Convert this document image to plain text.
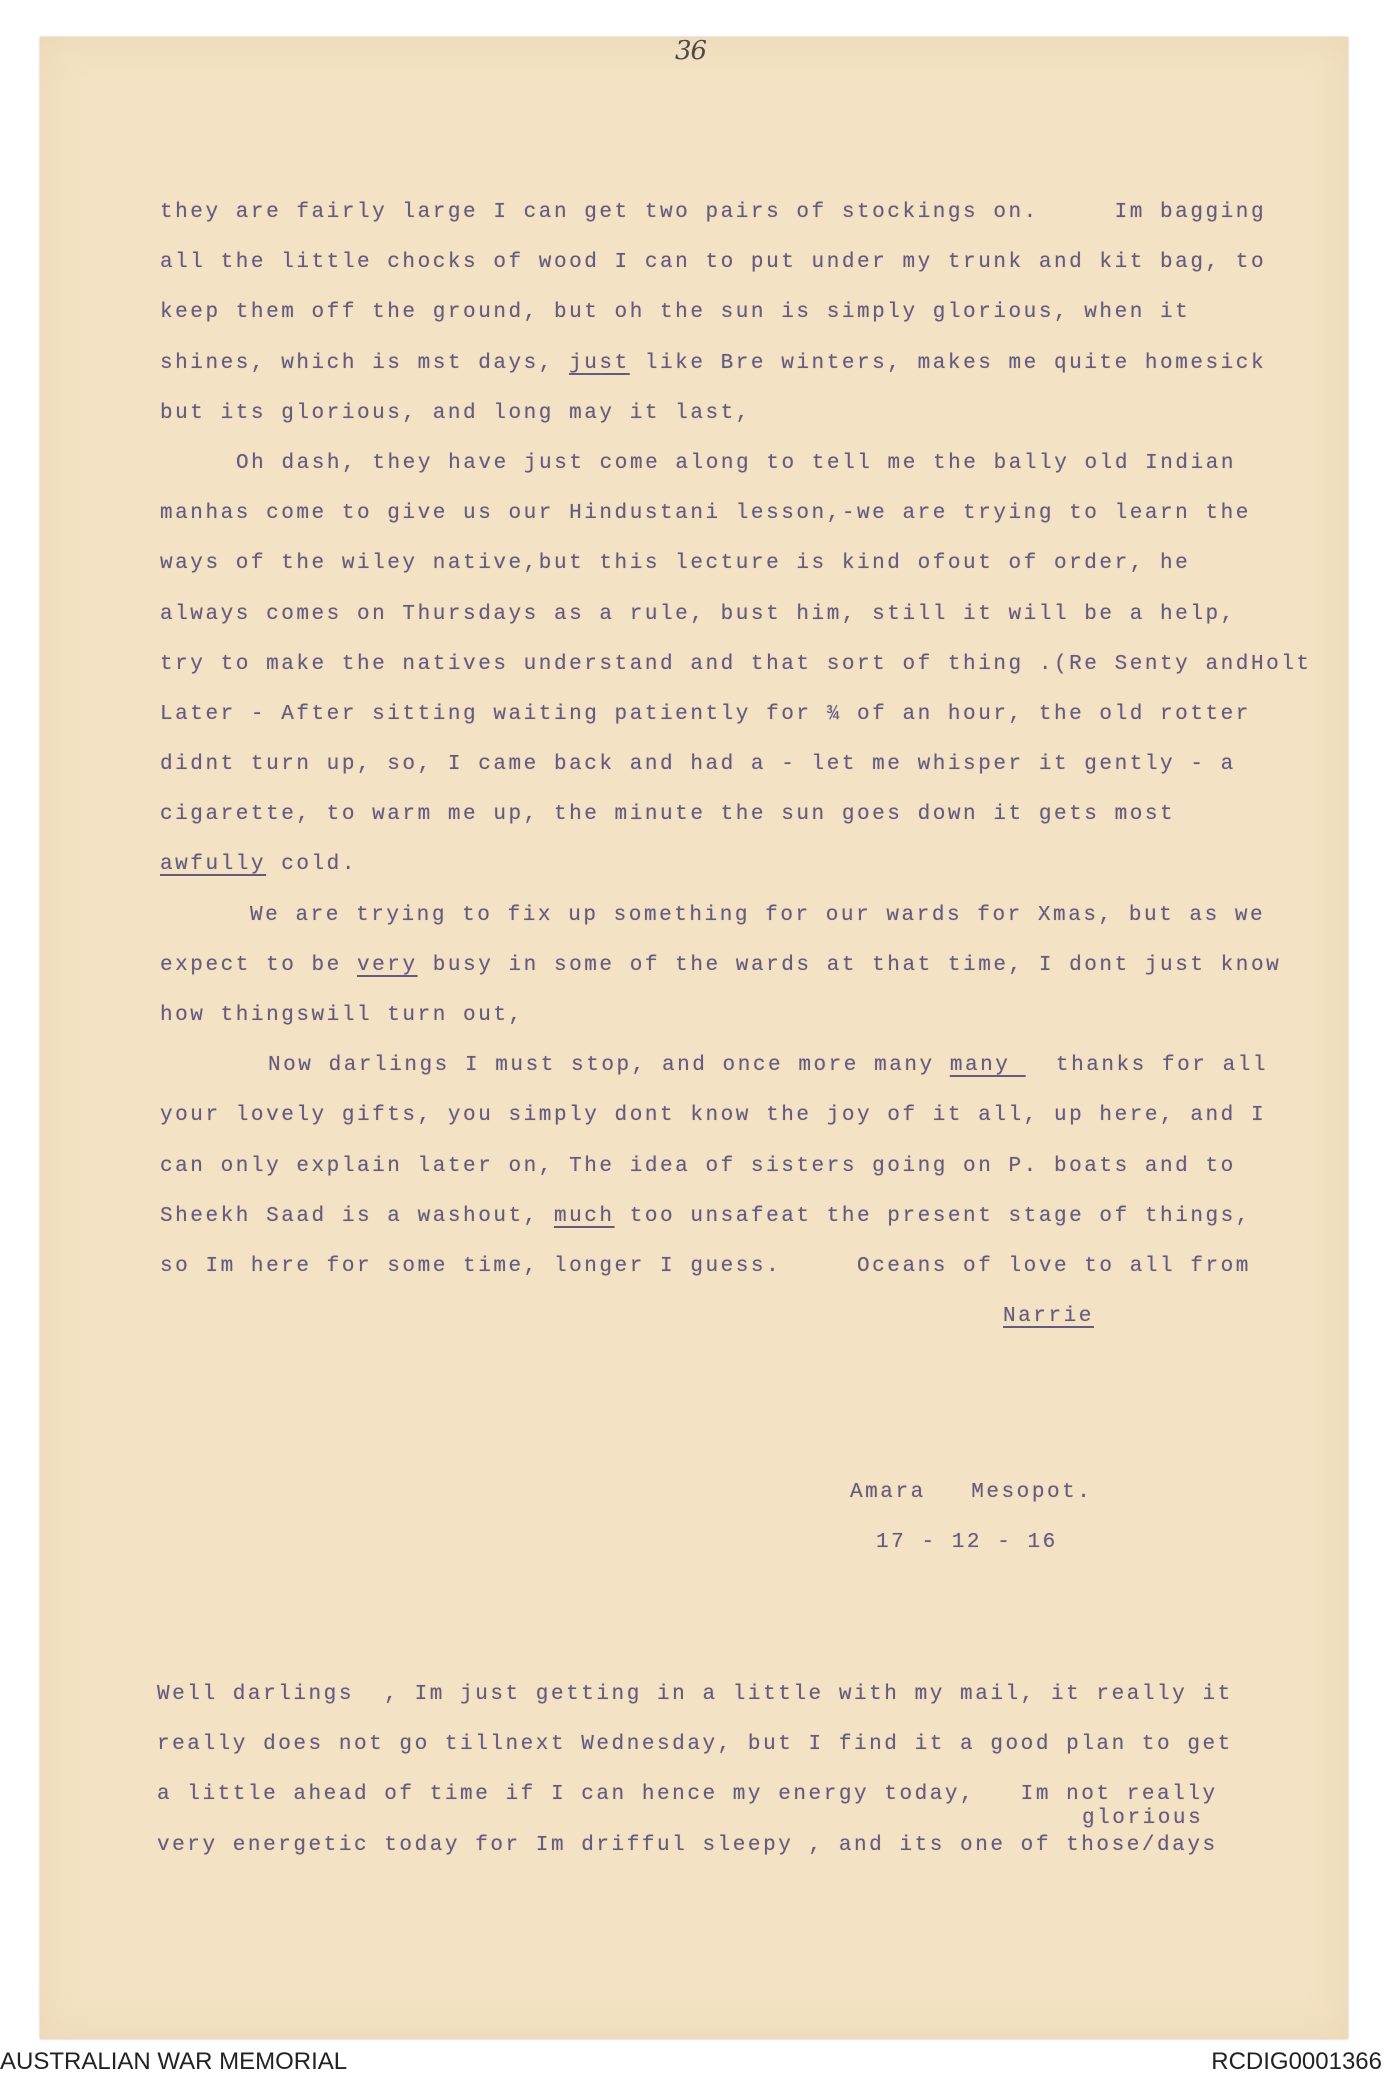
36
they are fairly large I can get two pairs of stockings on.     Im bagging
all the little chocks of wood I can to put under my trunk and kit bag, to
keep them off the ground, but oh the sun is simply glorious, when it
shines, which is mst days, just like Bre winters, makes me quite homesick
but its glorious, and long may it last,
Oh dash, they have just come along to tell me the bally old Indian
manhas come to give us our Hindustani lesson,-we are trying to learn the
ways of the wiley native,but this lecture is kind ofout of order, he
always comes on Thursdays as a rule, bust him, still it will be a help,
try to make the natives understand and that sort of thing .(Re Senty andHolt
Later - After sitting waiting patiently for ¾ of an hour, the old rotter
didnt turn up, so, I came back and had a - let me whisper it gently - a
cigarette, to warm me up, the minute the sun goes down it gets most
awfully cold.
We are trying to fix up something for our wards for Xmas, but as we
expect to be very busy in some of the wards at that time, I dont just know
how thingswill turn out,
Now darlings I must stop, and once more many many   thanks for all
your lovely gifts, you simply dont know the joy of it all, up here, and I
can only explain later on, The idea of sisters going on P. boats and to
Sheekh Saad is a washout, much too unsafeat the present stage of things,
so Im here for some time, longer I guess.     Oceans of love to all from
Narrie
Amara   Mesopot.
17 - 12 - 16
Well darlings  , Im just getting in a little with my mail, it really it
really does not go tillnext Wednesday, but I find it a good plan to get
a little ahead of time if I can hence my energy today,   Im not really
very energetic today for Im drifful sleepy , and its one of those/days
glorious
AUSTRALIAN WAR MEMORIAL	RCDIG0001366
